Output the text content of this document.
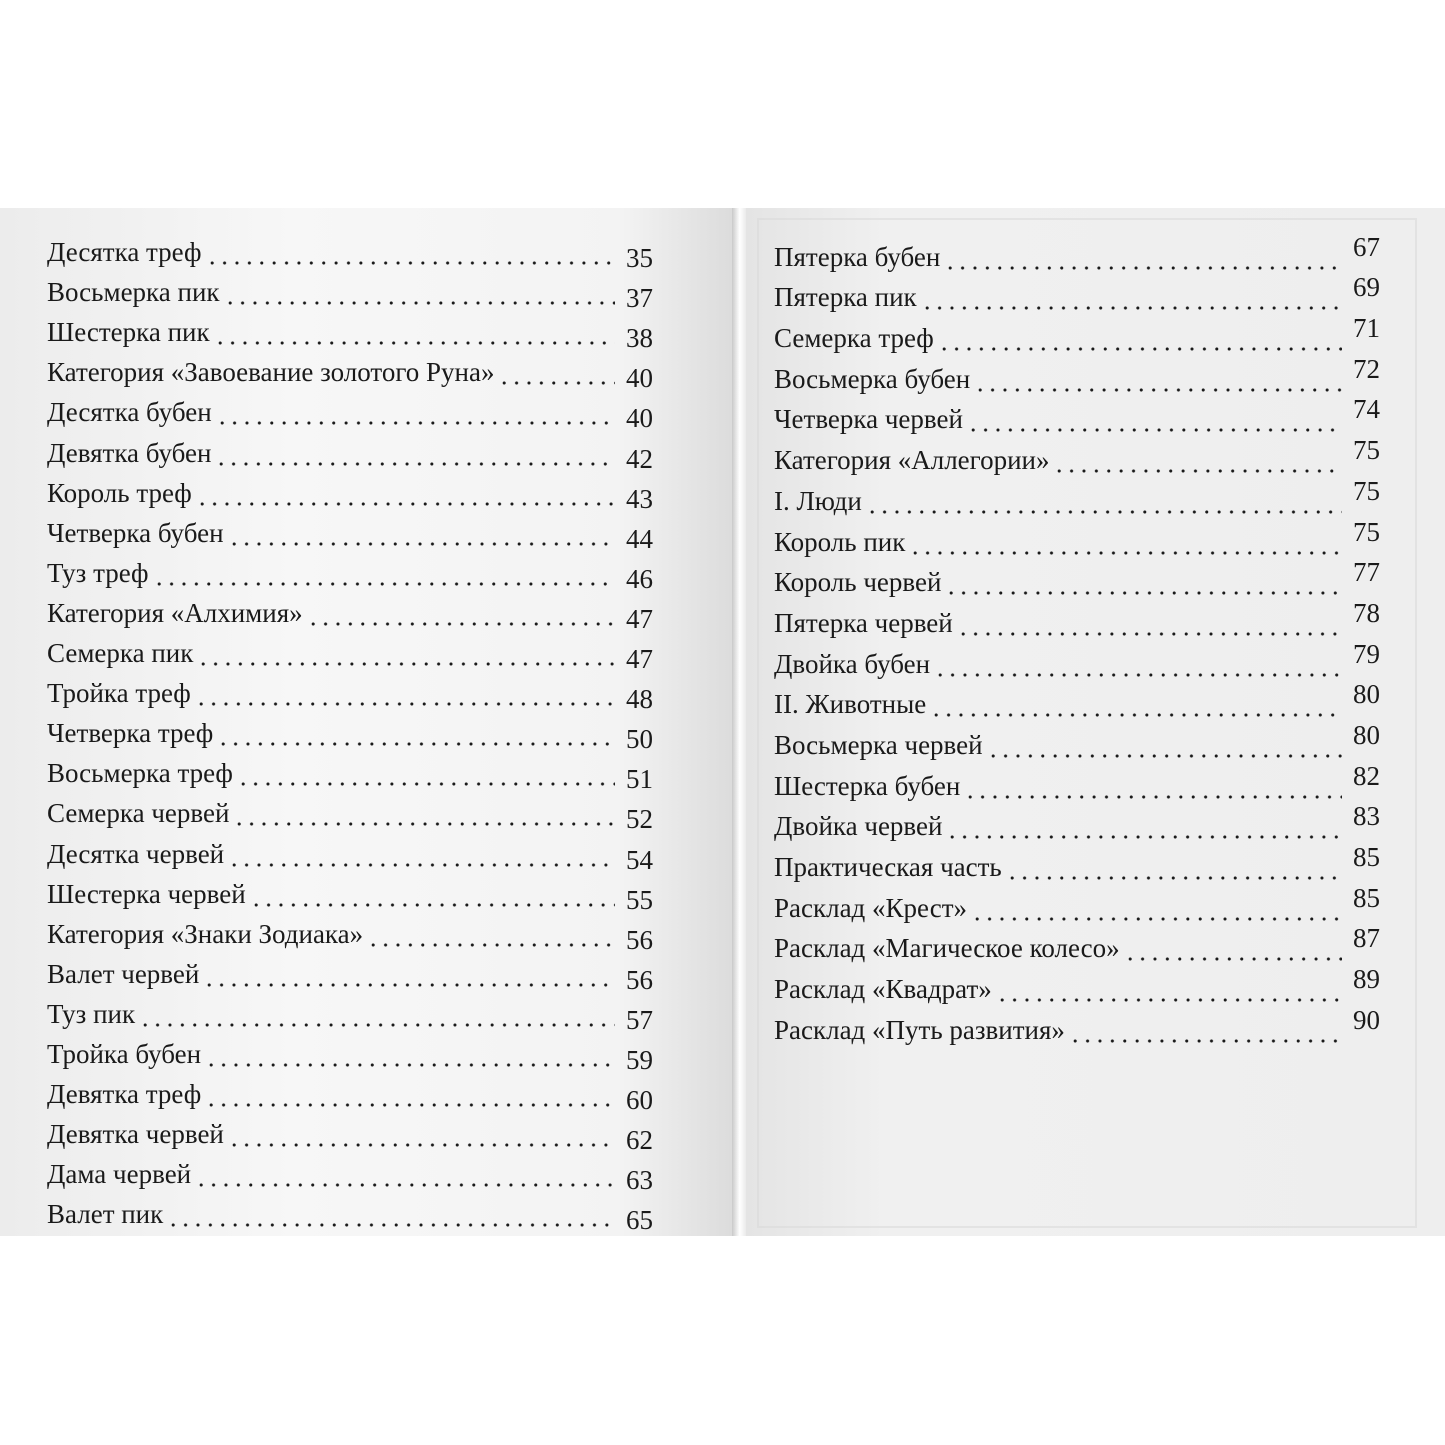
Десятка треф	35
Восьмерка пик	37
Шестерка пик	38
Категория «Завоевание золотого Руна»	40
Десятка бубен	40
Девятка бубен	42
Король треф	43
Четверка бубен	44
Туз треф	46
Категория «Алхимия»	47
Семерка пик	47
Тройка треф	48
Четверка треф	50
Восьмерка треф	51
Семерка червей	52
Десятка червей	54
Шестерка червей	55
Категория «Знаки Зодиака»	56
Валет червей	56
Туз пик	57
Тройка бубен	59
Девятка треф	60
Девятка червей	62
Дама червей	63
Валет пик	65
Пятерка бубен	67
Пятерка пик	69
Семерка треф	71
Восьмерка бубен	72
Четверка червей	74
Категория «Аллегории»	75
I. Люди	75
Король пик	75
Король червей	77
Пятерка червей	78
Двойка бубен	79
II. Животные	80
Восьмерка червей	80
Шестерка бубен	82
Двойка червей	83
Практическая часть	85
Расклад «Крест»	85
Расклад «Магическое колесо»	87
Расклад «Квадрат»	89
Расклад «Путь развития»	90
